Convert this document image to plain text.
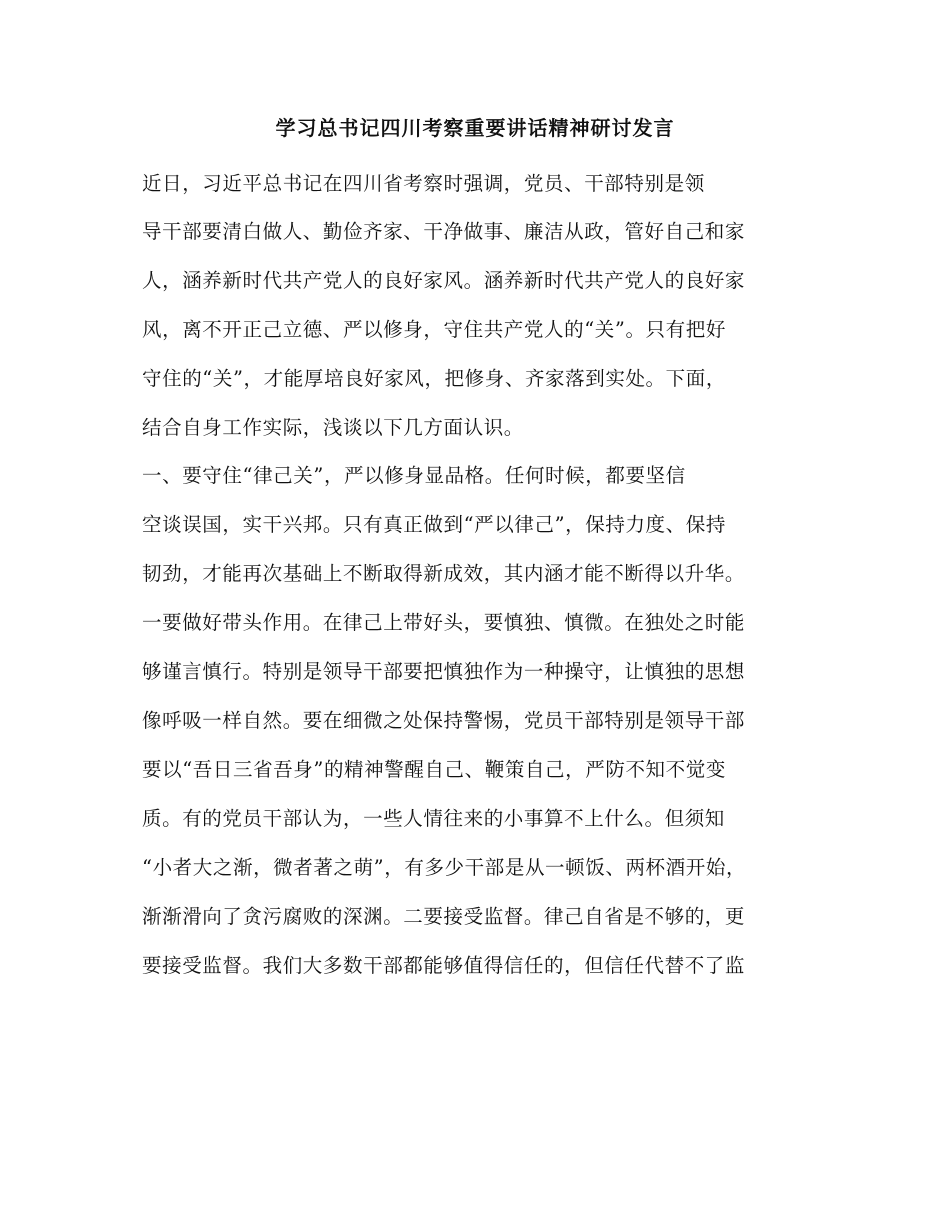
学习总书记四川考察重要讲话精神研讨发言
近日，习近平总书记在四川省考察时强调，党员、干部特别是领
导干部要清白做人、勤俭齐家、干净做事、廉洁从政，管好自己和家
人，涵养新时代共产党人的良好家风。涵养新时代共产党人的良好家
风，离不开正己立德、严以修身，守住共产党人的“关”。只有把好
守住的“关”，才能厚培良好家风，把修身、齐家落到实处。下面，
结合自身工作实际，浅谈以下几方面认识。
一、要守住“律己关”，严以修身显品格。任何时候，都要坚信
空谈误国，实干兴邦。只有真正做到“严以律己”，保持力度、保持
韧劲，才能再次基础上不断取得新成效，其内涵才能不断得以升华。
一要做好带头作用。在律己上带好头，要慎独、慎微。在独处之时能
够谨言慎行。特别是领导干部要把慎独作为一种操守，让慎独的思想
像呼吸一样自然。要在细微之处保持警惕，党员干部特别是领导干部
要以“吾日三省吾身”的精神警醒自己、鞭策自己，严防不知不觉变
质。有的党员干部认为，一些人情往来的小事算不上什么。但须知
“小者大之渐，微者著之萌”，有多少干部是从一顿饭、两杯酒开始，
渐渐滑向了贪污腐败的深渊。二要接受监督。律己自省是不够的，更
要接受监督。我们大多数干部都能够值得信任的，但信任代替不了监
